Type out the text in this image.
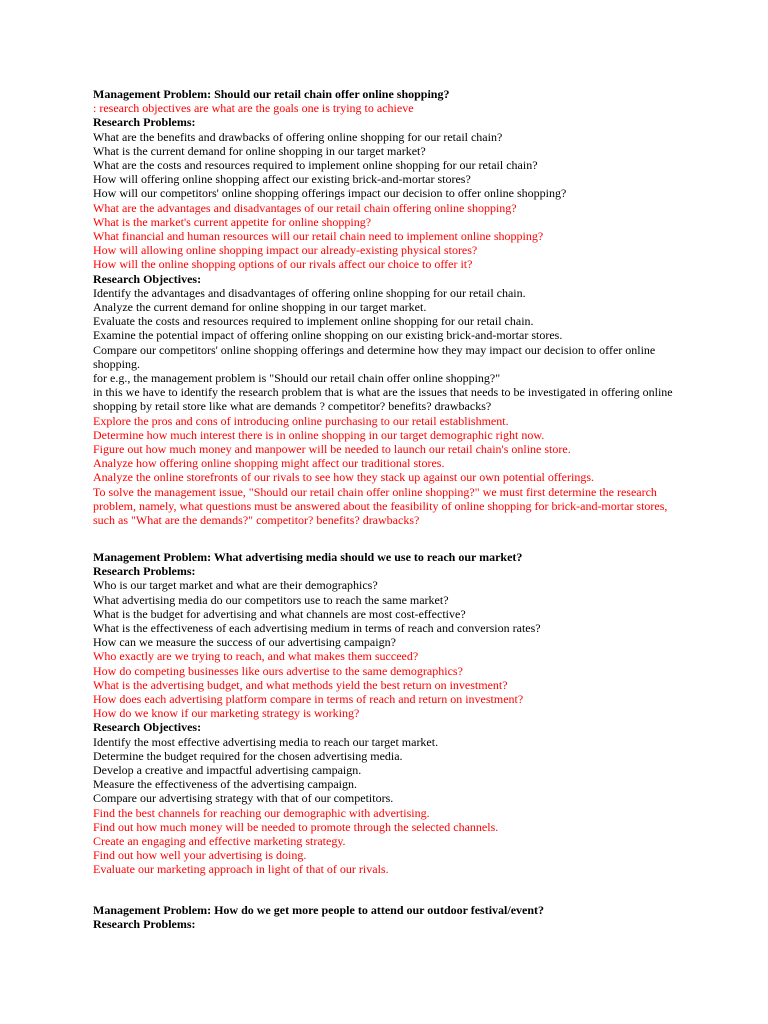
Management Problem: Should our retail chain offer online shopping?
: research objectives are what are the goals one is trying to achieve
Research Problems:
What are the benefits and drawbacks of offering online shopping for our retail chain?
What is the current demand for online shopping in our target market?
What are the costs and resources required to implement online shopping for our retail chain?
How will offering online shopping affect our existing brick-and-mortar stores?
How will our competitors' online shopping offerings impact our decision to offer online shopping?
What are the advantages and disadvantages of our retail chain offering online shopping?
What is the market's current appetite for online shopping?
What financial and human resources will our retail chain need to implement online shopping?
How will allowing online shopping impact our already-existing physical stores?
How will the online shopping options of our rivals affect our choice to offer it?
Research Objectives:
Identify the advantages and disadvantages of offering online shopping for our retail chain.
Analyze the current demand for online shopping in our target market.
Evaluate the costs and resources required to implement online shopping for our retail chain.
Examine the potential impact of offering online shopping on our existing brick-and-mortar stores.
Compare our competitors' online shopping offerings and determine how they may impact our decision to offer online shopping.
for e.g., the management problem is "Should our retail chain offer online shopping?"
in this we have to identify the research problem that is what are the issues that needs to be investigated in offering online shopping by retail store like what are demands ? competitor? benefits? drawbacks?
Explore the pros and cons of introducing online purchasing to our retail establishment.
Determine how much interest there is in online shopping in our target demographic right now.
Figure out how much money and manpower will be needed to launch our retail chain's online store.
Analyze how offering online shopping might affect our traditional stores.
Analyze the online storefronts of our rivals to see how they stack up against our own potential offerings.
To solve the management issue, "Should our retail chain offer online shopping?" we must first determine the research problem, namely, what questions must be answered about the feasibility of online shopping for brick-and-mortar stores, such as "What are the demands?" competitor? benefits? drawbacks?
Management Problem: What advertising media should we use to reach our market?
Research Problems:
Who is our target market and what are their demographics?
What advertising media do our competitors use to reach the same market?
What is the budget for advertising and what channels are most cost-effective?
What is the effectiveness of each advertising medium in terms of reach and conversion rates?
How can we measure the success of our advertising campaign?
Who exactly are we trying to reach, and what makes them succeed?
How do competing businesses like ours advertise to the same demographics?
What is the advertising budget, and what methods yield the best return on investment?
How does each advertising platform compare in terms of reach and return on investment?
How do we know if our marketing strategy is working?
Research Objectives:
Identify the most effective advertising media to reach our target market.
Determine the budget required for the chosen advertising media.
Develop a creative and impactful advertising campaign.
Measure the effectiveness of the advertising campaign.
Compare our advertising strategy with that of our competitors.
Find the best channels for reaching our demographic with advertising.
Find out how much money will be needed to promote through the selected channels.
Create an engaging and effective marketing strategy.
Find out how well your advertising is doing.
Evaluate our marketing approach in light of that of our rivals.
Management Problem: How do we get more people to attend our outdoor festival/event?
Research Problems:
